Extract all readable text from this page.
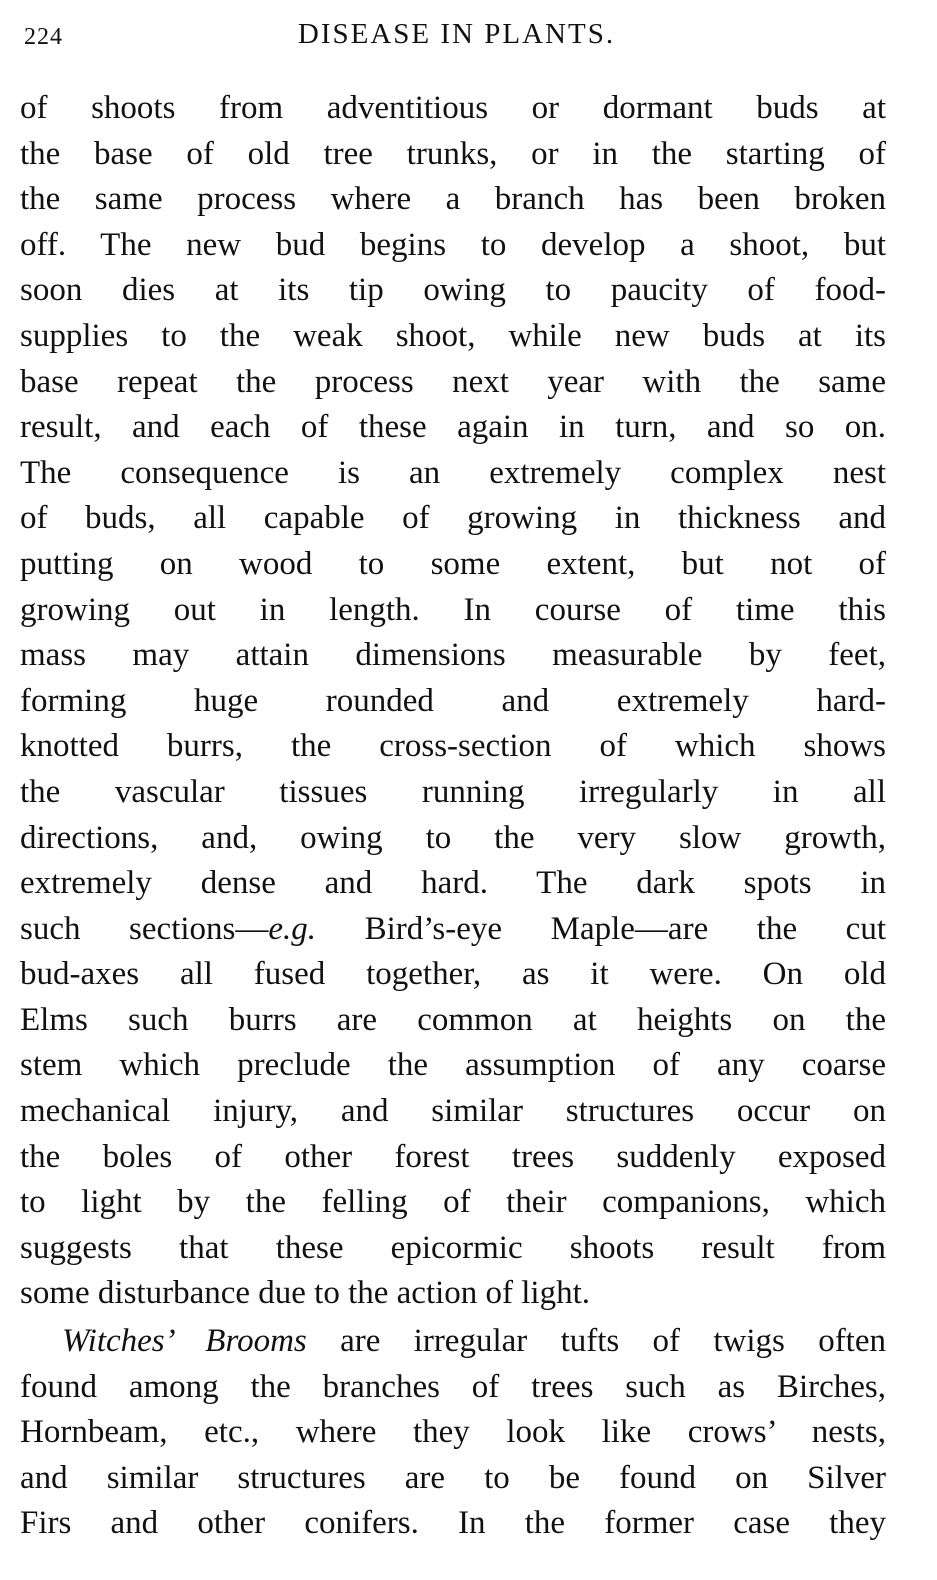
224	DISEASE IN PLANTS.

of shoots from adventitious or dormant buds at
the base of old tree trunks, or in the starting of
the same process where a branch has been broken
off. The new bud begins to develop a shoot, but
soon dies at its tip owing to paucity of food-
supplies to the weak shoot, while new buds at its
base repeat the process next year with the same
result, and each of these again in turn, and so on.
The consequence is an extremely complex nest
of buds, all capable of growing in thickness and
putting on wood to some extent, but not of
growing out in length. In course of time this
mass may attain dimensions measurable by feet,
forming huge rounded and extremely hard-
knotted burrs, the cross-section of which shows
the vascular tissues running irregularly in all
directions, and, owing to the very slow growth,
extremely dense and hard. The dark spots in
such sections—e.g. Bird’s-eye Maple—are the cut
bud-axes all fused together, as it were. On old
Elms such burrs are common at heights on the
stem which preclude the assumption of any coarse
mechanical injury, and similar structures occur on
the boles of other forest trees suddenly exposed
to light by the felling of their companions, which
suggests that these epicormic shoots result from
some disturbance due to the action of light.

Witches’ Brooms are irregular tufts of twigs often
found among the branches of trees such as Birches,
Hornbeam, etc., where they look like crows’ nests,
and similar structures are to be found on Silver
Firs and other conifers. In the former case they
